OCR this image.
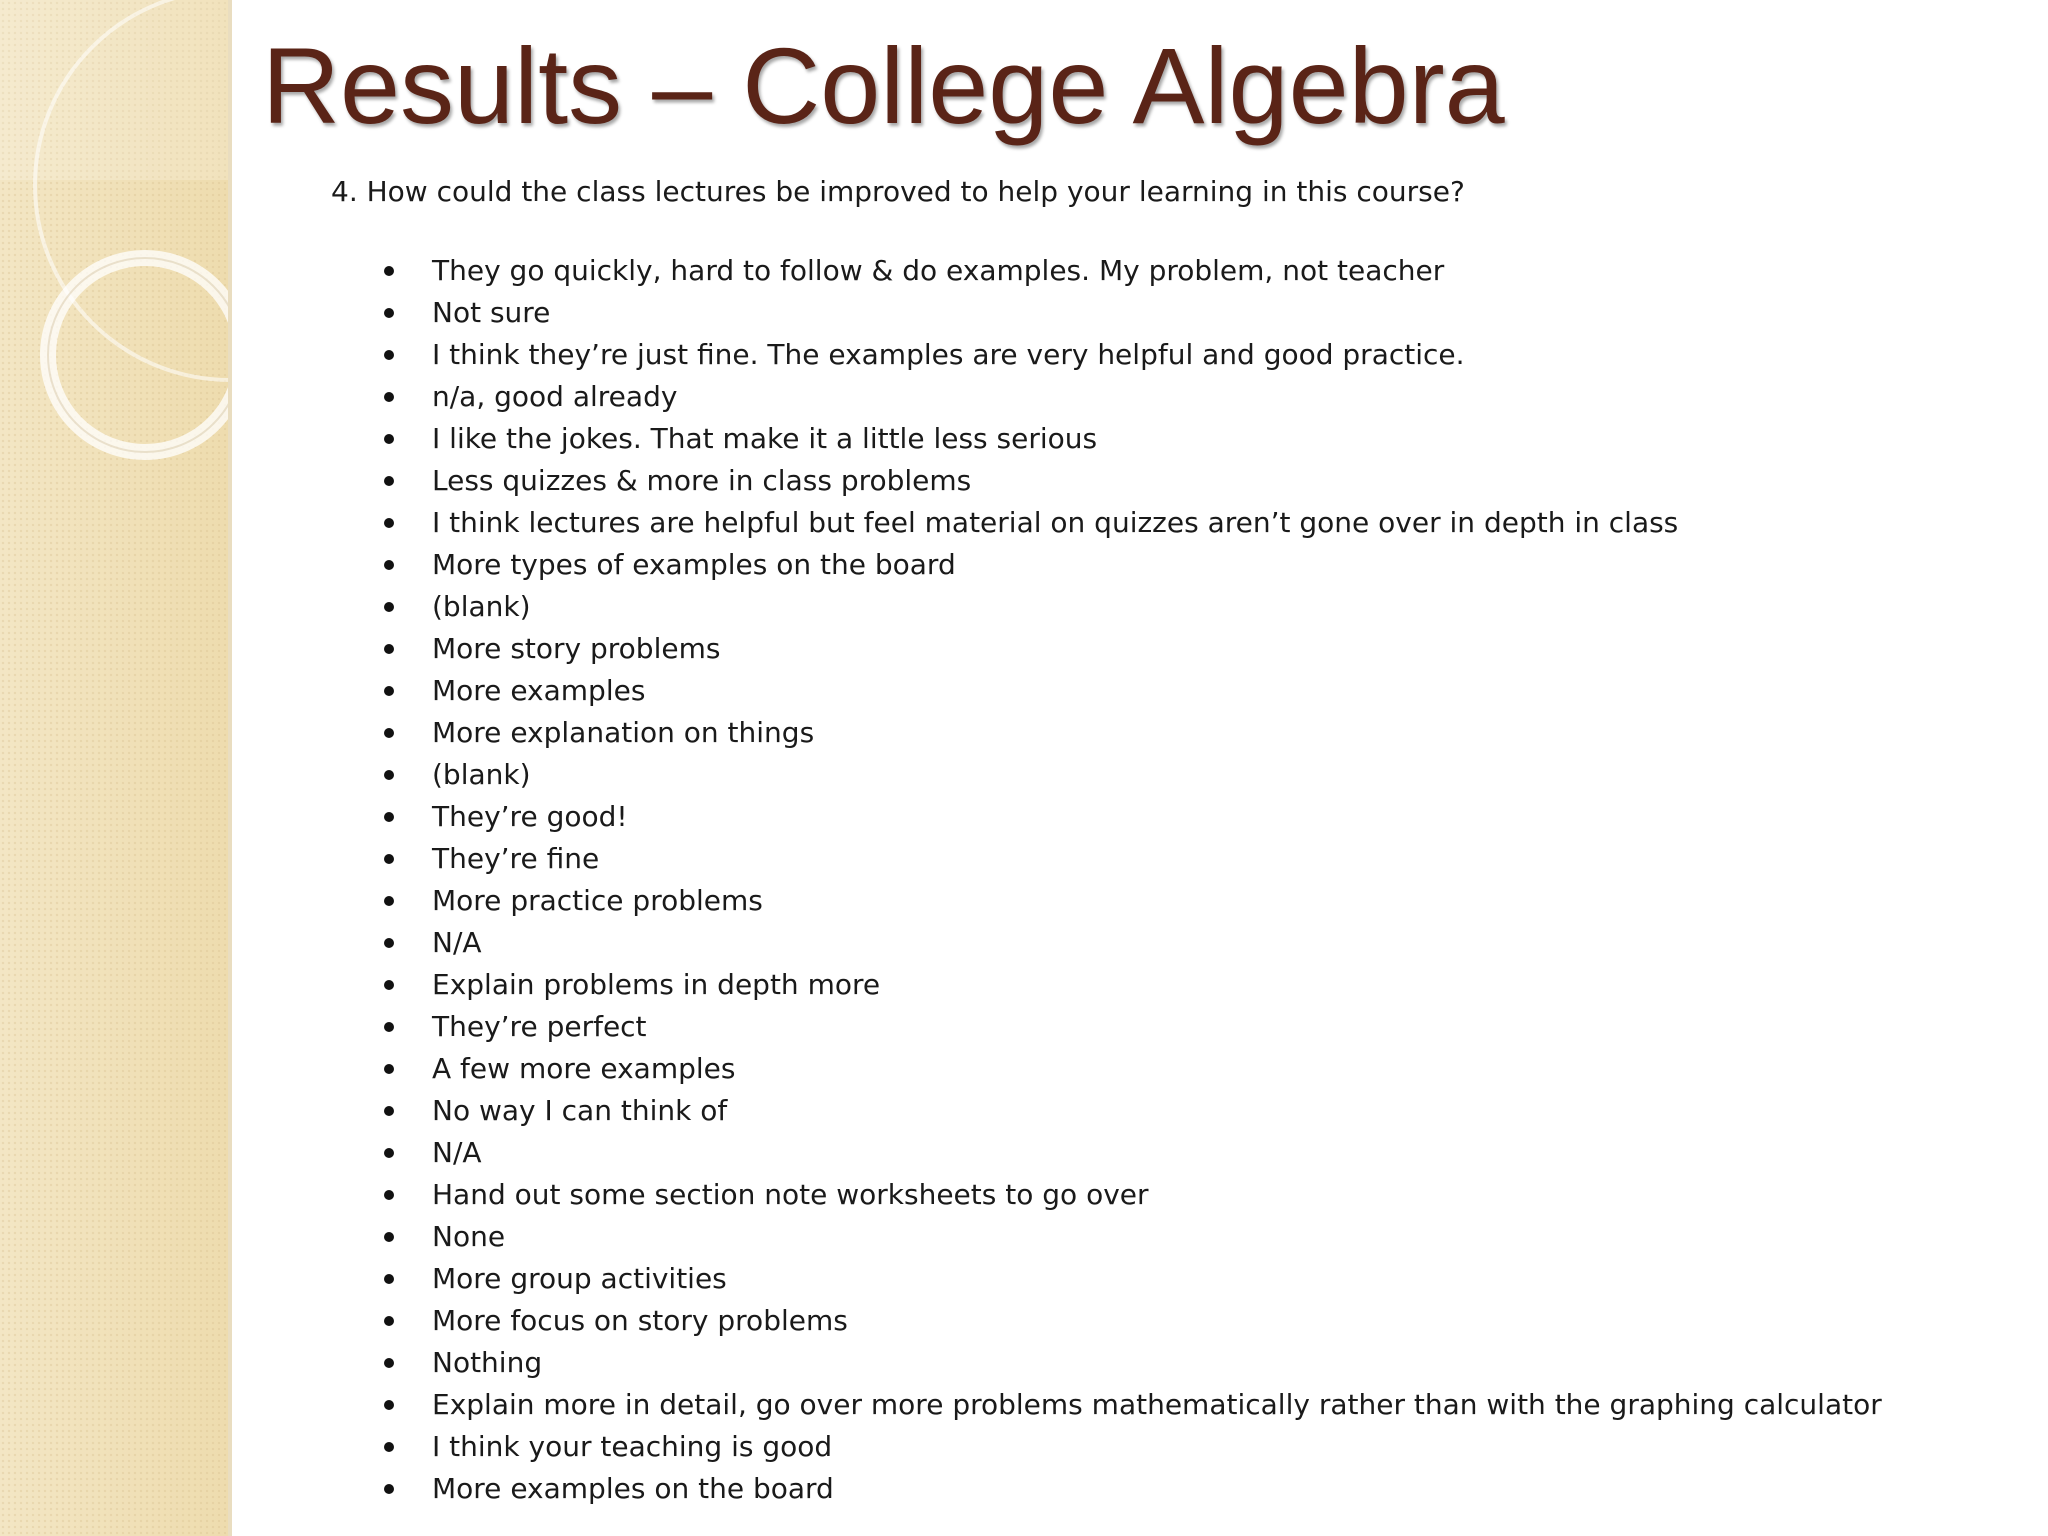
Results – College Algebra
4. How could the class lectures be improved to help your learning in this course?
They go quickly, hard to follow & do examples. My problem, not teacher
Not sure
I think they’re just fine. The examples are very helpful and good practice.
n/a, good already
I like the jokes. That make it a little less serious
Less quizzes & more in class problems
I think lectures are helpful but feel material on quizzes aren’t gone over in depth in class
More types of examples on the board
(blank)
More story problems
More examples
More explanation on things
(blank)
They’re good!
They’re fine
More practice problems
N/A
Explain problems in depth more
They’re perfect
A few more examples
No way I can think of
N/A
Hand out some section note worksheets to go over
None
More group activities
More focus on story problems
Nothing
Explain more in detail, go over more problems mathematically rather than with the graphing calculator
I think your teaching is good
More examples on the board
